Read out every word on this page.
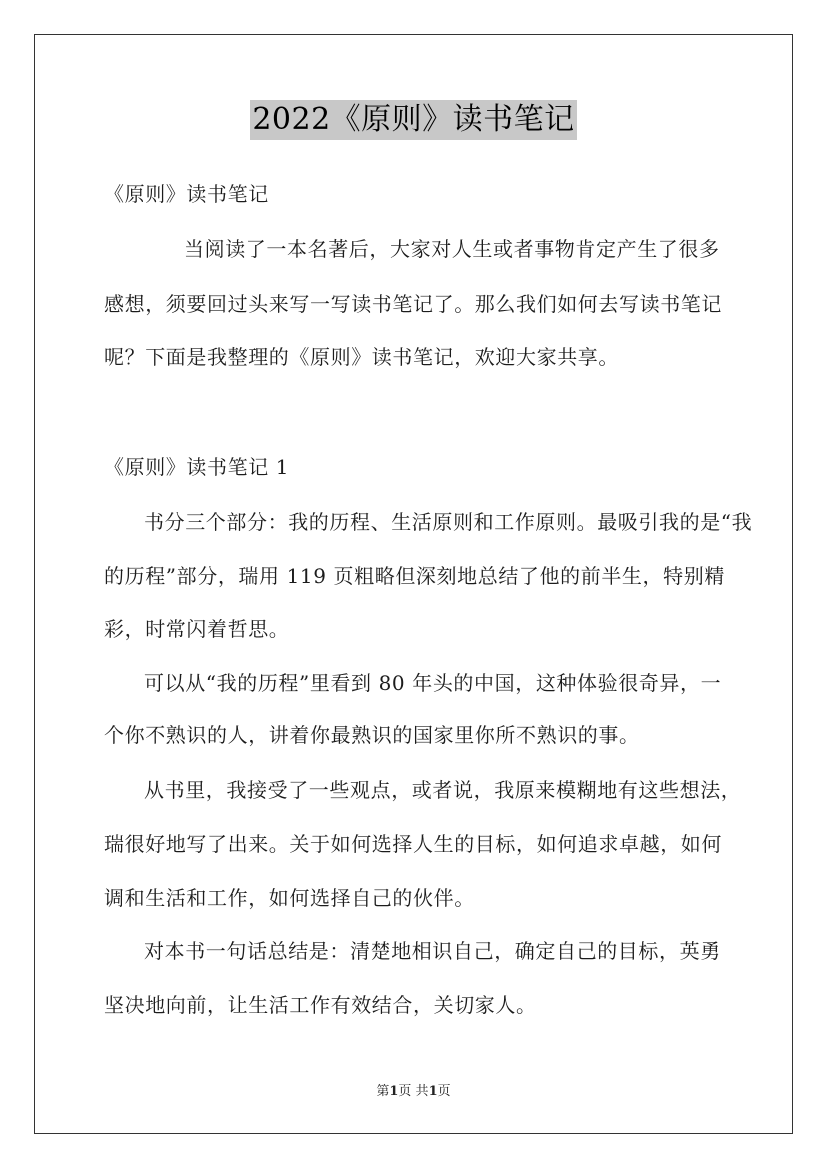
2022《原则》读书笔记
《原则》读书笔记
当阅读了一本名著后，大家对人生或者事物肯定产生了很多
感想，须要回过头来写一写读书笔记了。那么我们如何去写读书笔记
呢？下面是我整理的《原则》读书笔记，欢迎大家共享。
《原则》读书笔记 1
书分三个部分：我的历程、生活原则和工作原则。最吸引我的是“我
的历程”部分，瑞用 119 页粗略但深刻地总结了他的前半生，特别精
彩，时常闪着哲思。
可以从“我的历程”里看到 80 年头的中国，这种体验很奇异，一
个你不熟识的人，讲着你最熟识的国家里你所不熟识的事。
从书里，我接受了一些观点，或者说，我原来模糊地有这些想法，
瑞很好地写了出来。关于如何选择人生的目标，如何追求卓越，如何
调和生活和工作，如何选择自己的伙伴。
对本书一句话总结是：清楚地相识自己，确定自己的目标，英勇
坚决地向前，让生活工作有效结合，关切家人。
第1页 共1页
